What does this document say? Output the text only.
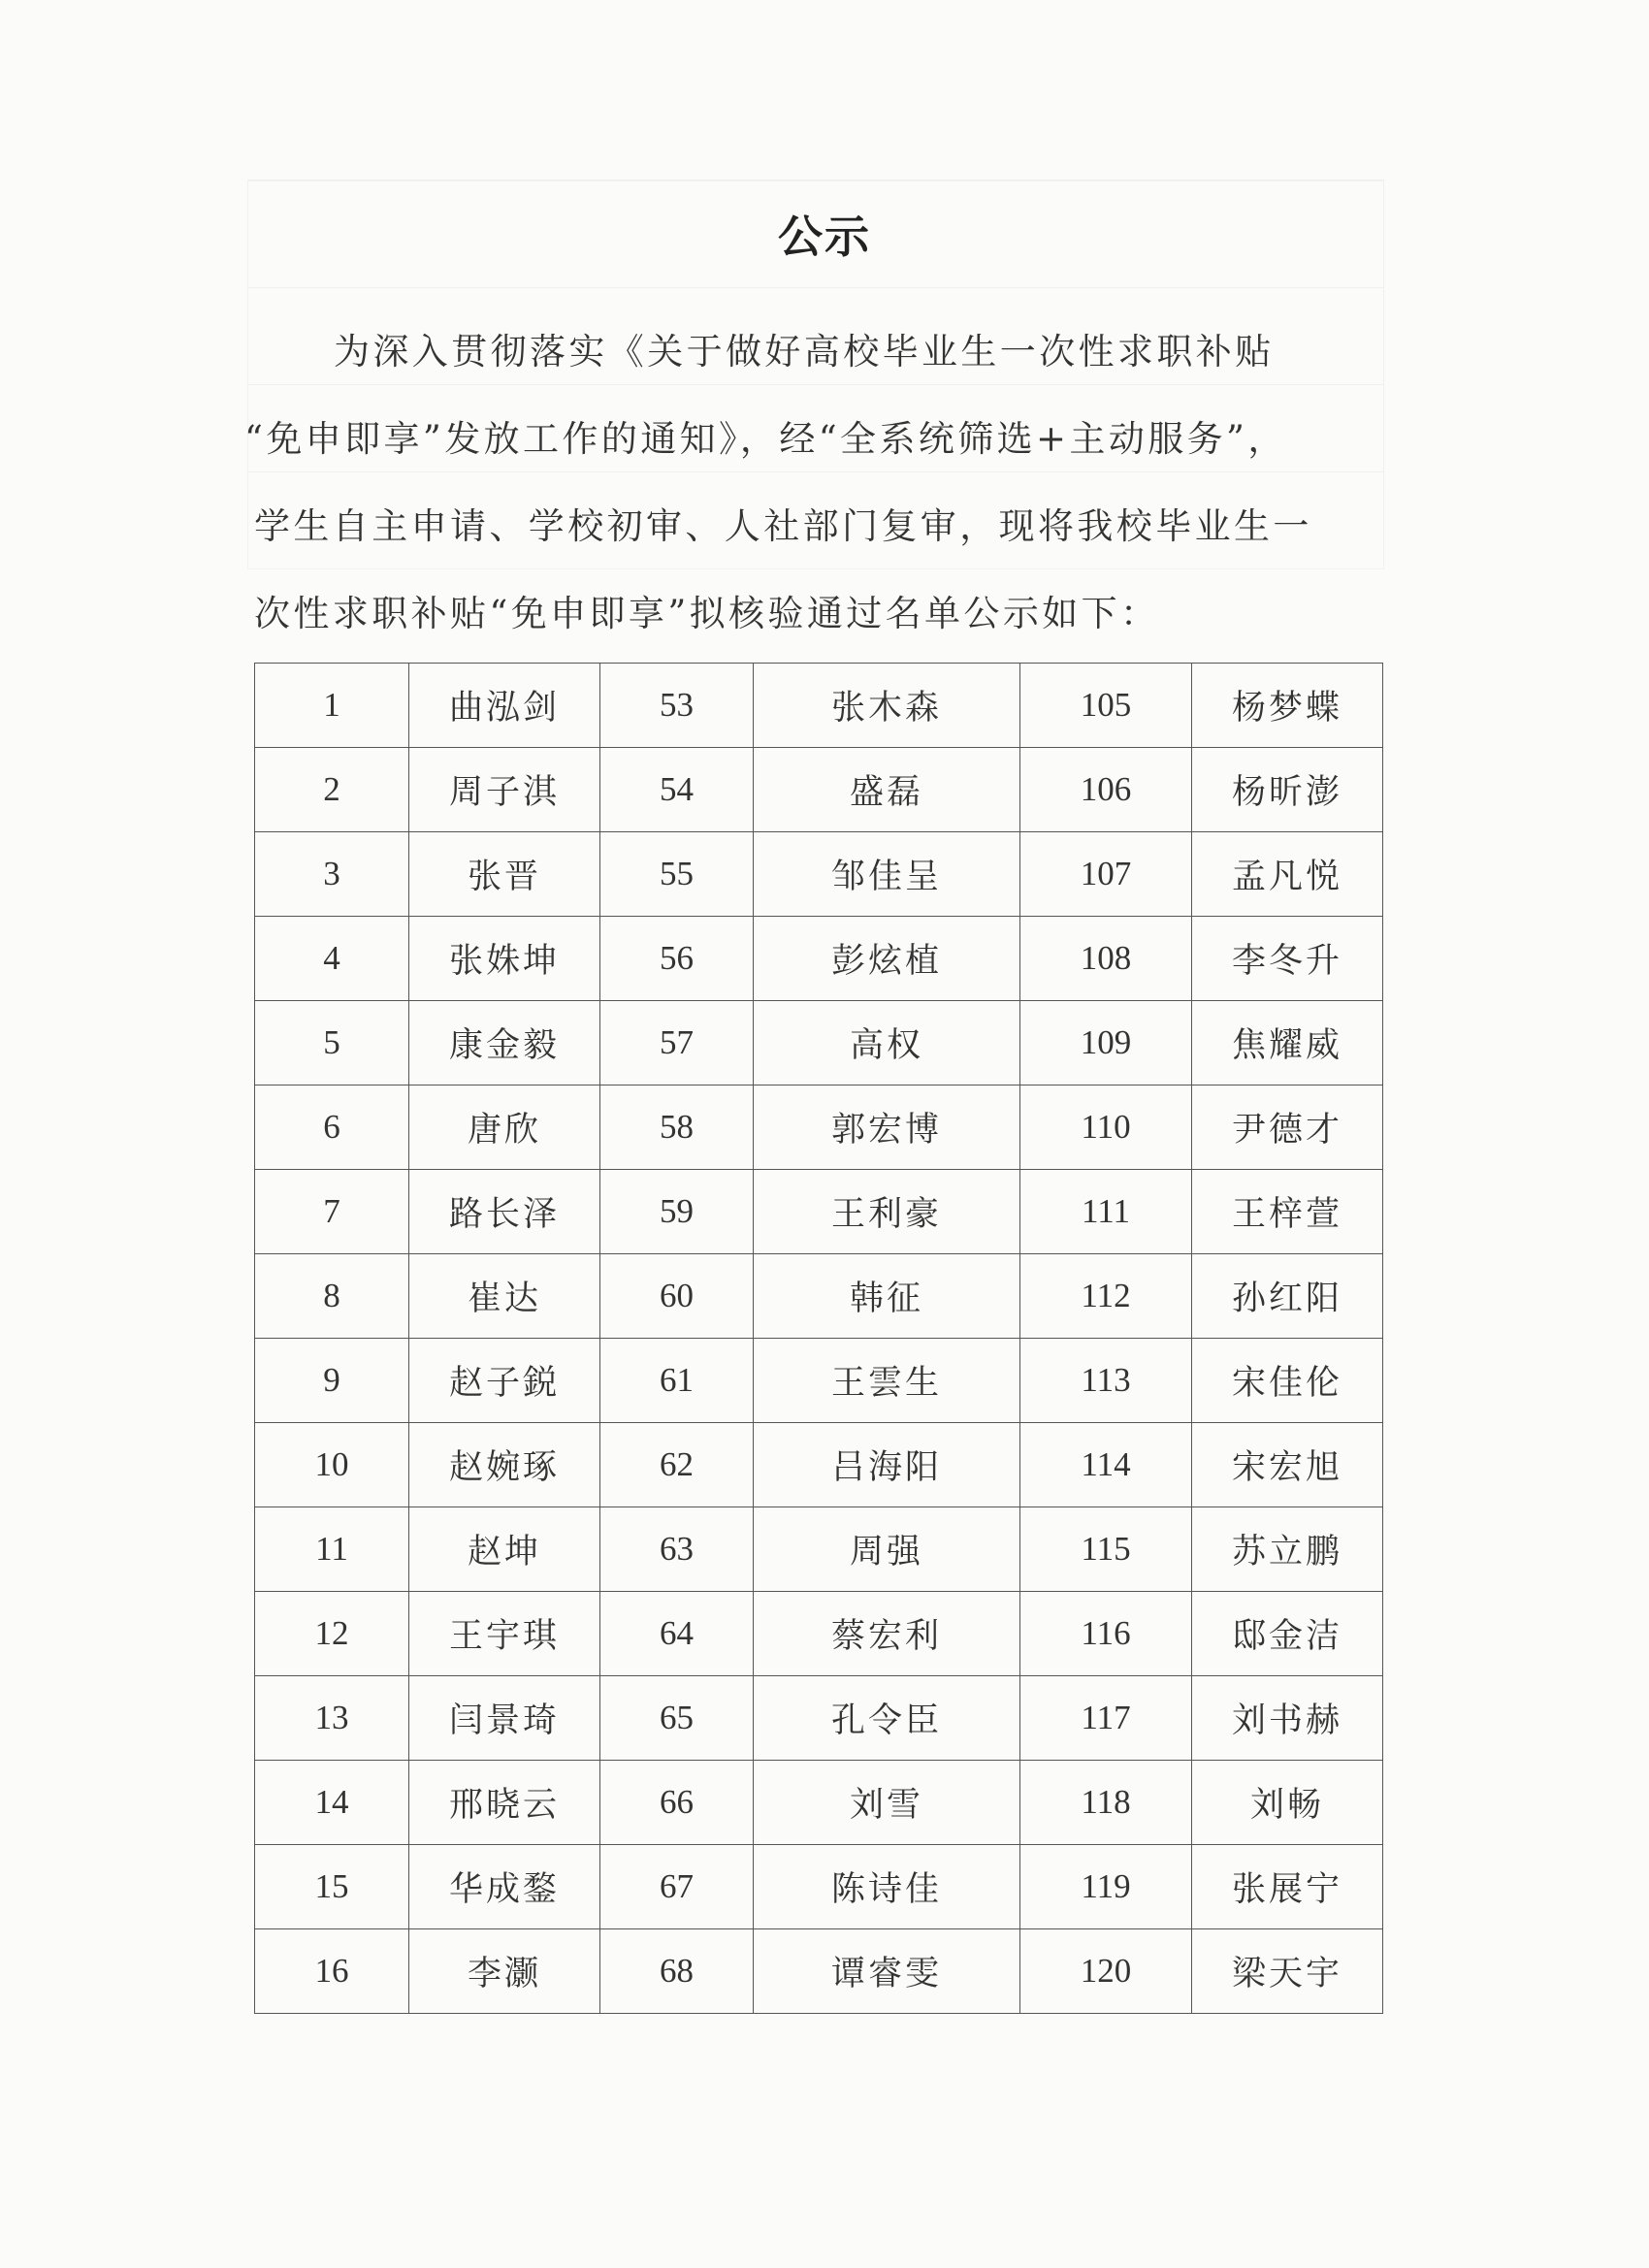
公示
为深入贯彻落实《关于做好高校毕业生一次性求职补贴
“免申即享”发放工作的通知》，经“全系统筛选+主动服务”，
学生自主申请、学校初审、人社部门复审，现将我校毕业生一
次性求职补贴“免申即享”拟核验通过名单公示如下：
1	曲泓剑	53	张木森	105	杨梦蝶
2	周子淇	54	盛磊	106	杨昕澎
3	张晋	55	邹佳呈	107	孟凡悦
4	张姝坤	56	彭炫植	108	李冬升
5	康金毅	57	高权	109	焦耀威
6	唐欣	58	郭宏博	110	尹德才
7	路长泽	59	王利豪	111	王梓萱
8	崔达	60	韩征	112	孙红阳
9	赵子鋭	61	王雲生	113	宋佳伦
10	赵婉琢	62	吕海阳	114	宋宏旭
11	赵坤	63	周强	115	苏立鹏
12	王宇琪	64	蔡宏利	116	邸金洁
13	闫景琦	65	孔令臣	117	刘书赫
14	邢晓云	66	刘雪	118	刘畅
15	华成鍪	67	陈诗佳	119	张展宁
16	李灏	68	谭睿雯	120	梁天宇
